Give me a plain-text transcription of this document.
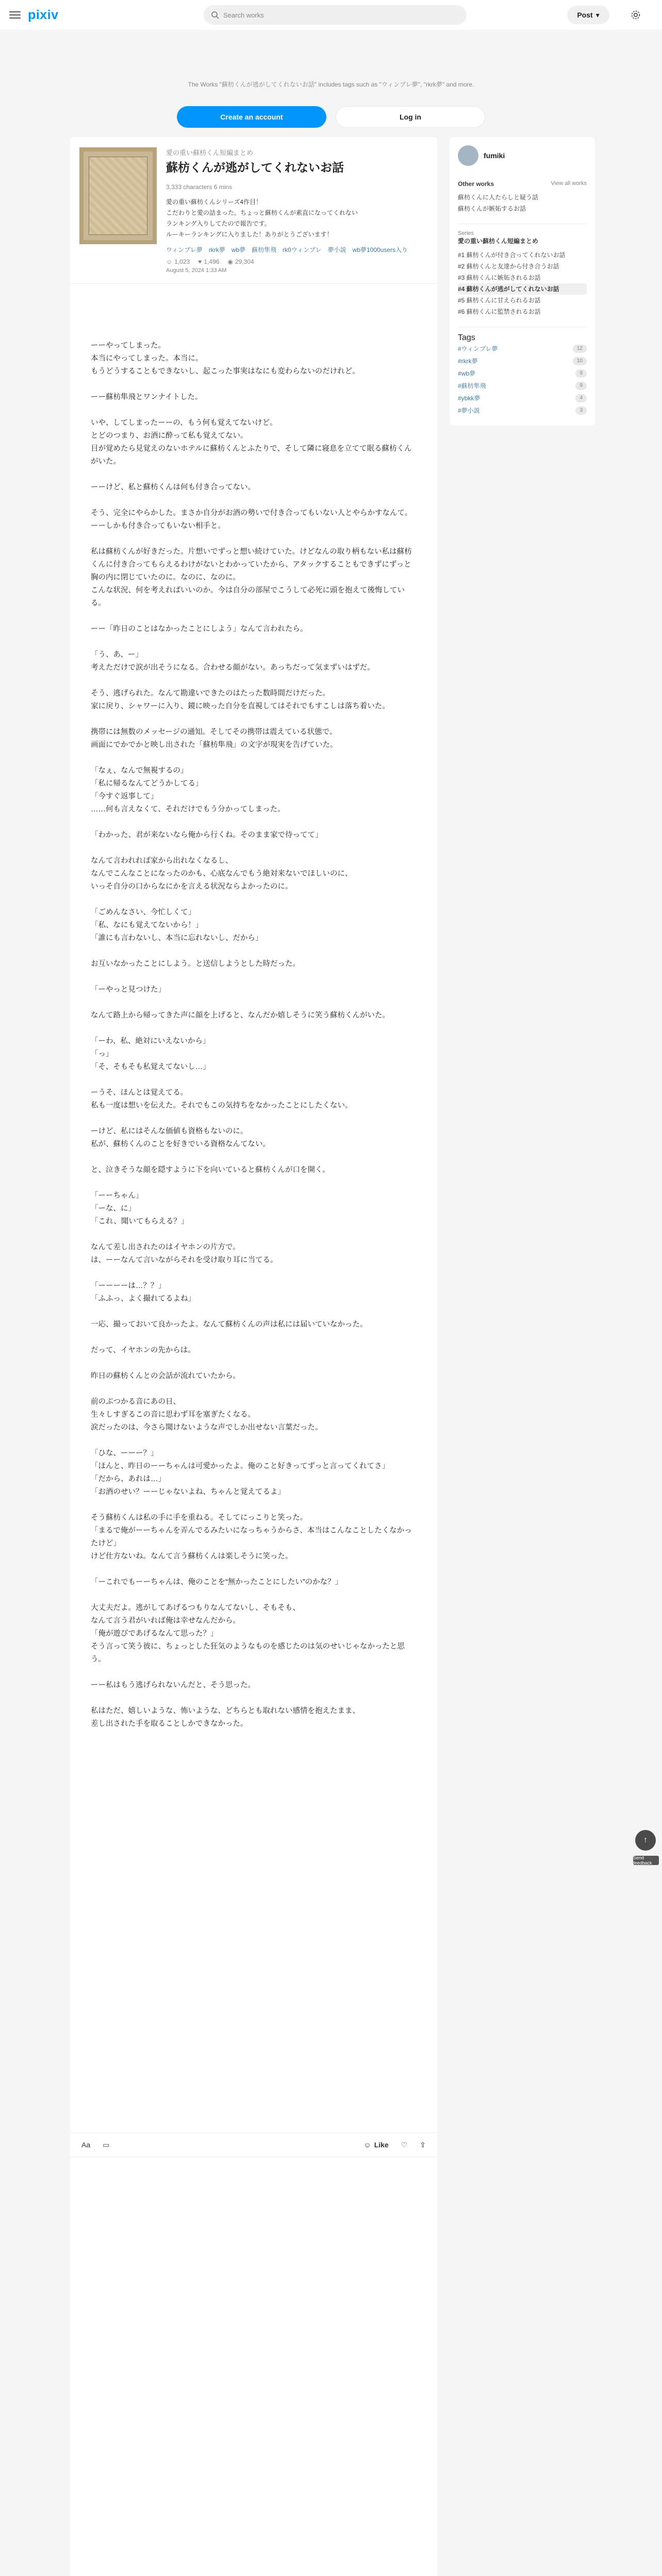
pixiv	Search works	Post ▾
The Works "蘇枋くんが逃がしてくれないお話" includes tags such as "ウィンブレ夢", "rkrk夢" and more.
Create an account	Log in
愛の重い蘇枋くん短編まとめ
蘇枋くんが逃がしてくれないお話
3,333 characters 6 mins
愛の重い蘇枋くんシリーズ4作目！
こだわりと愛の詰まった。ちょっと蘇枋くんが素直になってくれない
ランキング入りしてたので報告です。
ルーキーランキングに入りました！ありがとうございます！
ウィンブレ夢 rkrk夢 wb夢 蘇枋隼飛 rk0ウィンブレ 夢小説 wb夢1000users入り
☺ 1,023 ♥ 1,496 ◉ 29,304
August 5, 2024 1:33 AM

ーーやってしまった。
本当にやってしまった。本当に。
もうどうすることもできないし、起こった事実はなにも変わらないのだけれど。

ーー蘇枋隼飛とワンナイトした。

いや、してしまったーーの、もう何も覚えてないけど。
とどのつまり、お酒に酔って私も覚えてない。
目が覚めたら見覚えのないホテルに蘇枋くんとふたりで、そして隣に寝息を立てて眠る蘇枋くんがいた。

ーーけど、私と蘇枋くんは何も付き合ってない。

そう、完全にやらかした。まさか自分がお酒の勢いで付き合ってもいない人とやらかすなんて。
ーーしかも付き合ってもいない相手と。

私は蘇枋くんが好きだった。片想いでずっと想い続けていた。けどなんの取り柄もない私は蘇枋くんに付き合ってもらえるわけがないとわかっていたから、アタックすることもできずにずっと胸の内に閉じていたのに。なのに、なのに。
こんな状況、何を考えればいいのか。今は自分の部屋でこうして必死に頭を抱えて後悔している。

ーー「昨日のことはなかったことにしよう」なんて言われたら。

「う、あ、ー」
考えただけで涙が出そうになる。合わせる顔がない。あっちだって気まずいはずだ。

そう、逃げられた。なんて勘違いできたのはたった数時間だけだった。
家に戻り、シャワーに入り、鏡に映った自分を直視してはそれでもすこしは落ち着いた。

携帯には無数のメッセージの通知。そしてその携帯は震えている状態で。
画面にでかでかと映し出された「蘇枋隼飛」の文字が現実を告げていた。

「なぇ、なんで無視するの」
「私に帰るなんてどうかしてる」
「今すぐ返事して」
……何も言えなくて、それだけでもう分かってしまった。

「わかった、君が来ないなら俺から行くね。そのまま家で待ってて」

なんて言われれば家から出れなくなるし、
なんでこんなことになったのかも、心底なんでもう絶対来ないでほしいのに、
いっそ自分の口からなにかを言える状況ならよかったのに。

「ごめんなさい、今忙しくて」
「私、なにも覚えてないから！」
「誰にも言わないし、本当に忘れないし、だから」

お互いなかったことにしよう。と送信しようとした時だった。

「ーやっと見つけた」

なんて路上から帰ってきた声に顔を上げると、なんだか嬉しそうに笑う蘇枋くんがいた。

「ーわ、私、絶対にいえないから」
「っ」
「そ、そもそも私覚えてないし…」

ーうそ、ほんとは覚えてる。
私も一度は想いを伝えた。それでもこの気持ちをなかったことにしたくない。

ーけど、私にはそんな価値も資格もないのに。
私が、蘇枋くんのことを好きでいる資格なんてない。

と、泣きそうな顔を隠すように下を向いていると蘇枋くんが口を開く。

「ーーちゃん」
「ーな、に」
「これ、聞いてもらえる？」

なんて差し出されたのはイヤホンの片方で。
は、ーーなんて言いながらそれを受け取り耳に当てる。

「ーーーーは…？？」
「ふふっ、よく撮れてるよね」

一応、撮っておいて良かったよ。なんて蘇枋くんの声は私には届いていなかった。

だって、イヤホンの先からは。

昨日の蘇枋くんとの会話が流れていたから。

前のぶつかる音にあの日、
生々しすぎるこの音に思わず耳を塞ぎたくなる。
涙だったのは、今さら聞けないような声でしか出せない言葉だった。

「ひな、ーーー？」
「ほんと、昨日のーーちゃんは可愛かったよ。俺のこと好きってずっと言ってくれてさ」
「だから、あれは…」
「お酒のせい？ーーじゃないよね、ちゃんと覚えてるよ」

そう蘇枋くんは私の手に手を重ねる。そしてにっこりと笑った。
「まるで俺がーーちゃんを弄んでるみたいになっちゃうからさ、本当はこんなことしたくなかったけど」
けど仕方ないね。なんて言う蘇枋くんは楽しそうに笑った。

「ーこれでもーーちゃんは、俺のことを“無かったことにしたい”のかな？」

大丈夫だよ。逃がしてあげるつもりなんてないし、そもそも、
なんて言う君がいれば俺は幸せなんだから。
「俺が遊びであげるなんて思った？」
そう言って笑う彼に、ちょっとした狂気のようなものを感じたのは気のせいじゃなかったと思う。

ーー私はもう逃げられないんだと、そう思った。

私はただ、嬉しいような、怖いような、どちらとも取れない感情を抱えたまま、
差し出された手を取ることしかできなかった。

Aa ▭	☺ Like ♡ ⇪
fumiki
Other works	View all works
蘇枋くんに人たらしと疑う話
蘇枋くんが嫉妬するお話
Series
愛の重い蘇枋くん短編まとめ
#1 蘇枋くんが付き合ってくれないお話
#2 蘇枋くんと友達から付き合うお話
#3 蘇枋くんに嫉妬されるお話
#4 蘇枋くんが逃がしてくれないお話
#5 蘇枋くんに甘えられるお話
#6 蘇枋くんに監禁されるお話
Tags
#ウィンブレ夢	12
#rkrk夢	10
#wb夢	9
#蘇枋隼飛	9
#ybkk夢	4
#夢小説	3
↑
Send feedback
